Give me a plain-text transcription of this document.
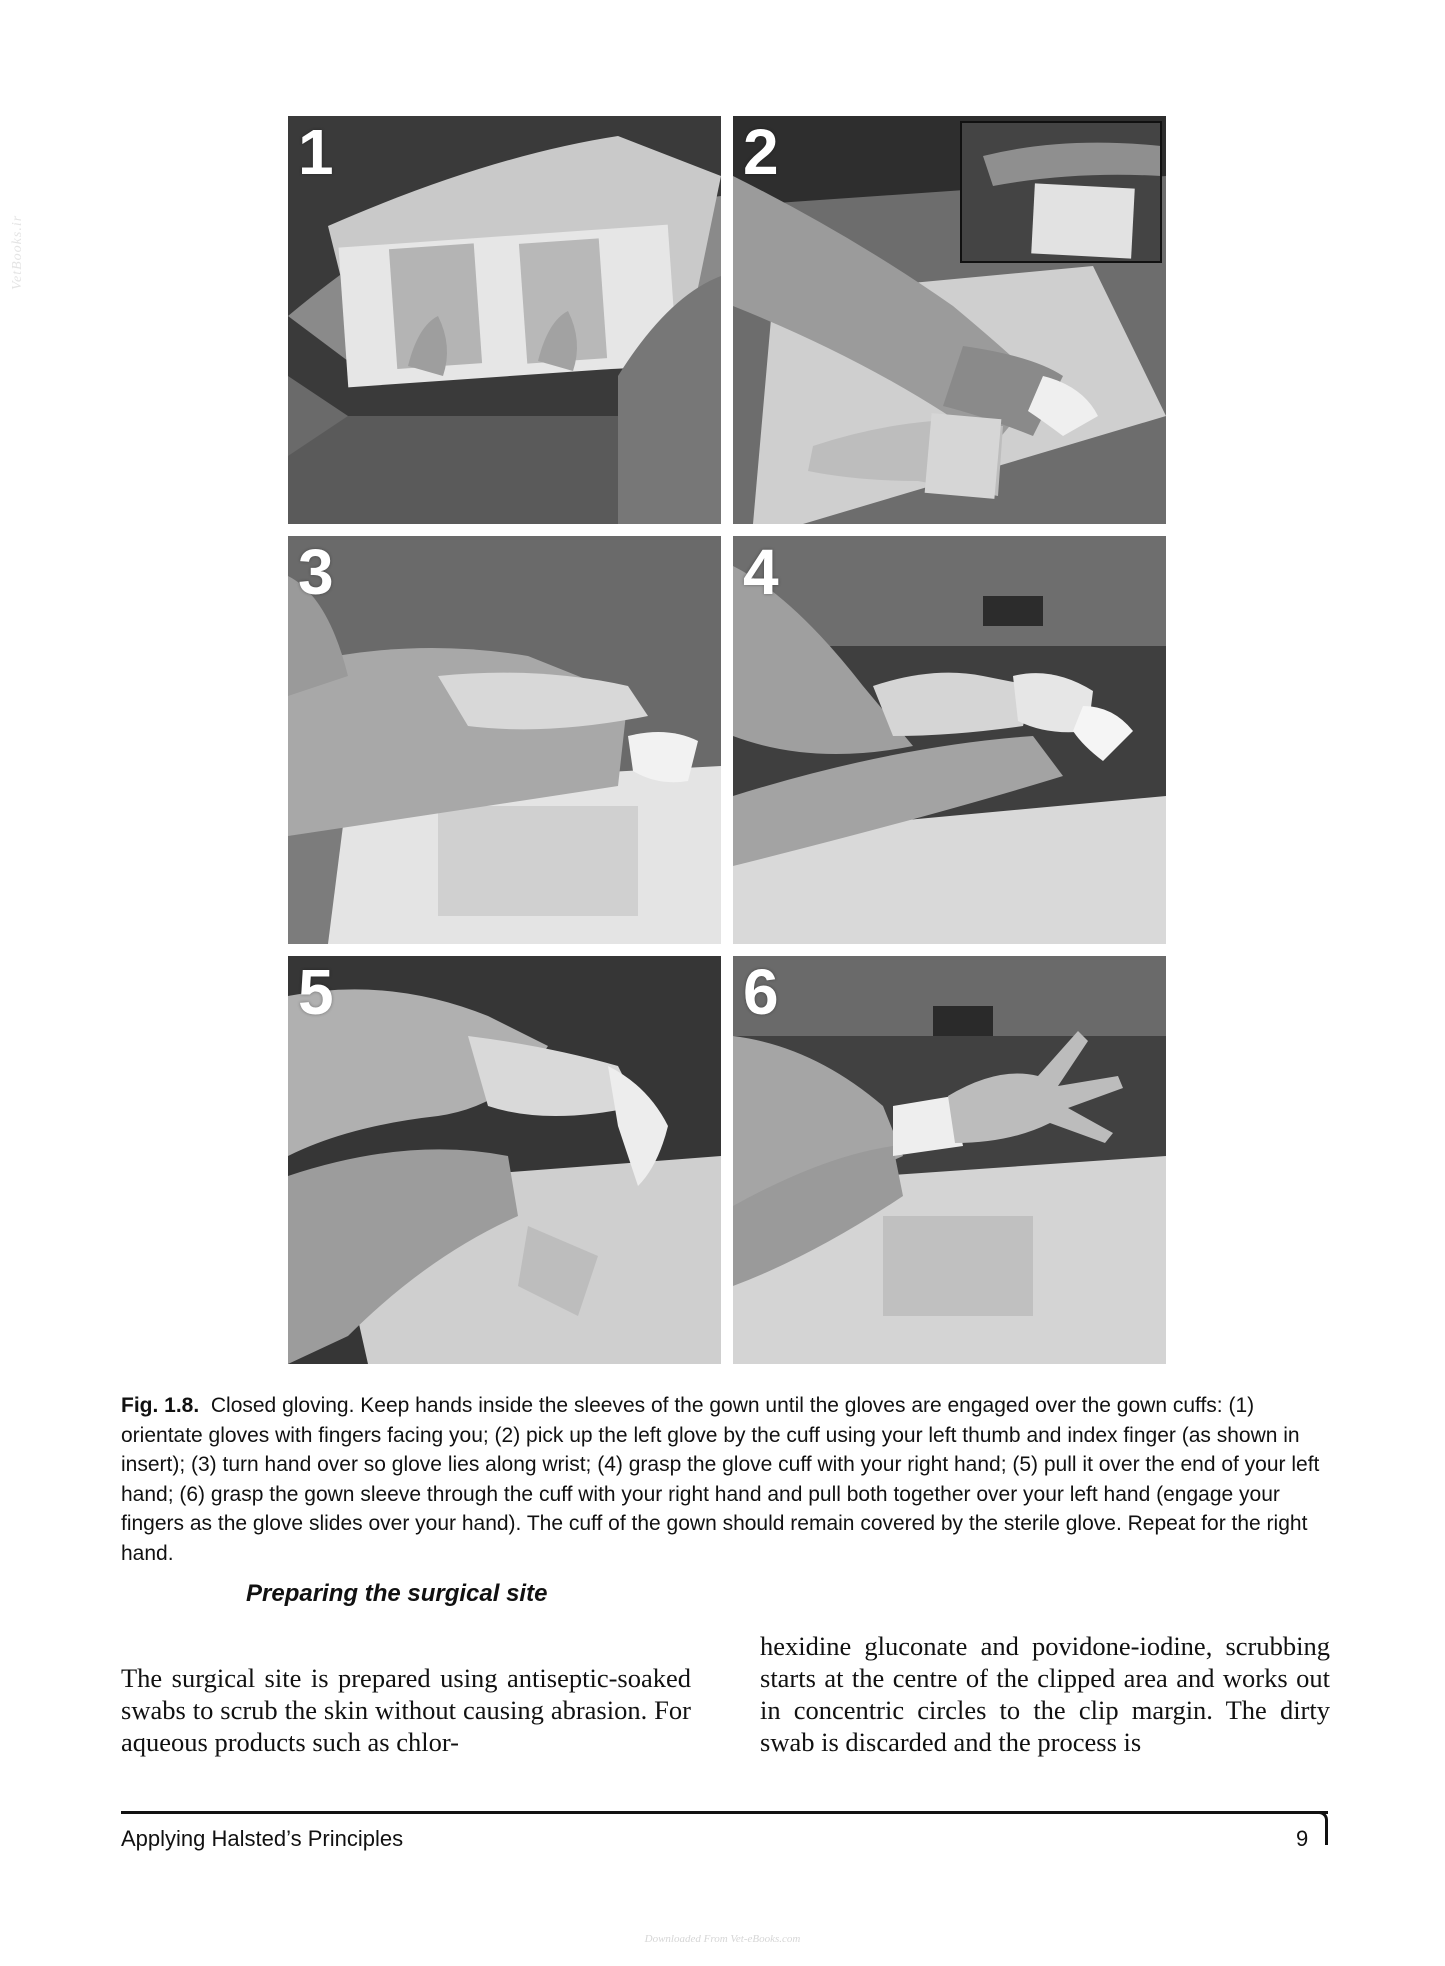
VetBooks.ir
1	2
3	4
5	6
Fig. 1.8. Closed gloving. Keep hands inside the sleeves of the gown until the gloves are engaged over the gown cuffs: (1) orientate gloves with fingers facing you; (2) pick up the left glove by the cuff using your left thumb and index finger (as shown in insert); (3) turn hand over so glove lies along wrist; (4) grasp the glove cuff with your right hand; (5) pull it over the end of your left hand; (6) grasp the gown sleeve through the cuff with your right hand and pull both together over your left hand (engage your fingers as the glove slides over your hand). The cuff of the gown should remain covered by the sterile glove. Repeat for the right hand.
Preparing the surgical site
The surgical site is prepared using antiseptic-soaked swabs to scrub the skin without causing abrasion. For aqueous products such as chlor-
hexidine gluconate and povidone-iodine, scrubbing starts at the centre of the clipped area and works out in concentric circles to the clip margin. The dirty swab is discarded and the process is
Applying Halsted’s Principles	9
Downloaded From Vet-eBooks.com
